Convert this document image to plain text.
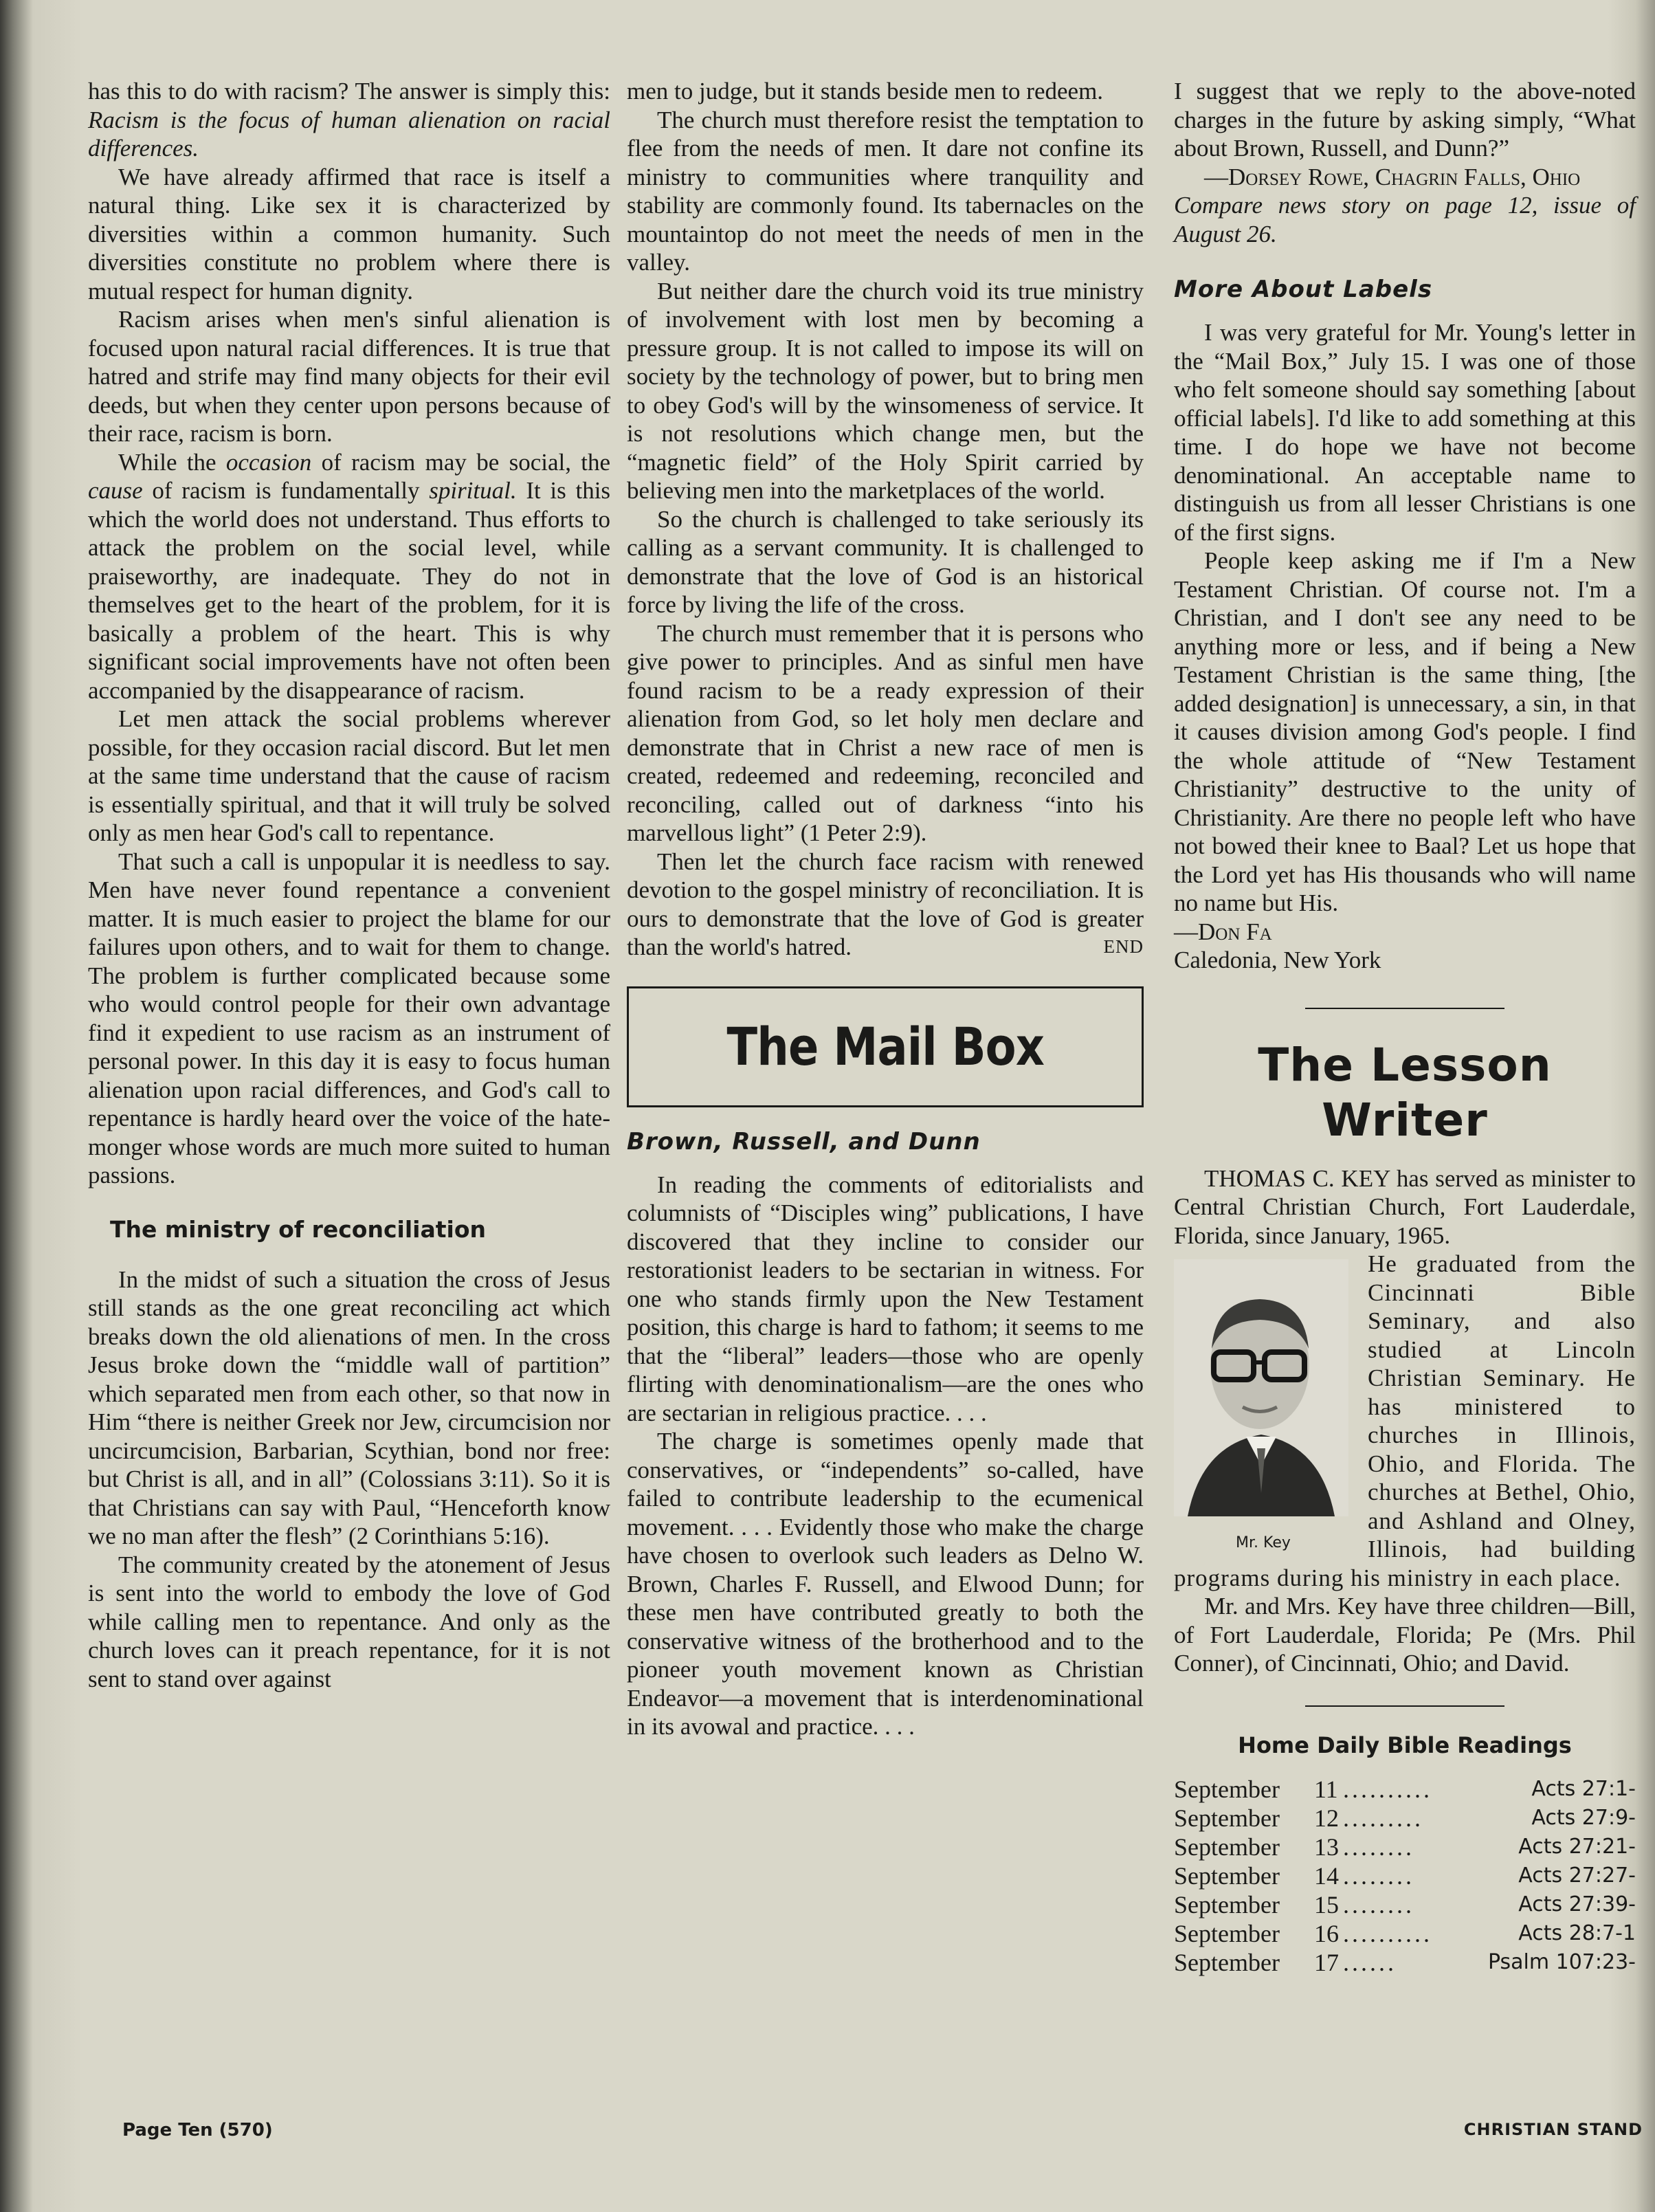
has this to do with racism? The answer is simply this: Racism is the focus of human alienation on racial differences.

We have already affirmed that race is itself a natural thing. Like sex it is characterized by diversities within a common humanity. Such diversities constitute no problem where there is mutual respect for human dignity.

Racism arises when men's sinful alienation is focused upon natural racial differences. It is true that hatred and strife may find many objects for their evil deeds, but when they center upon persons because of their race, racism is born.

While the occasion of racism may be social, the cause of racism is fundamentally spiritual. It is this which the world does not understand. Thus efforts to attack the problem on the social level, while praiseworthy, are inadequate. They do not in themselves get to the heart of the problem, for it is basically a problem of the heart. This is why significant social improvements have not often been accompanied by the disappearance of racism.

Let men attack the social problems wherever possible, for they occasion racial discord. But let men at the same time understand that the cause of racism is essentially spiritual, and that it will truly be solved only as men hear God's call to repentance.

That such a call is unpopular it is needless to say. Men have never found repentance a convenient matter. It is much easier to project the blame for our failures upon others, and to wait for them to change. The problem is further complicated because some who would control people for their own advantage find it expedient to use racism as an instrument of personal power. In this day it is easy to focus human alienation upon racial differences, and God's call to repentance is hardly heard over the voice of the hate-monger whose words are much more suited to human passions.

The ministry of reconciliation

In the midst of such a situation the cross of Jesus still stands as the one great reconciling act which breaks down the old alienations of men. In the cross Jesus broke down the “middle wall of partition” which separated men from each other, so that now in Him “there is neither Greek nor Jew, circumcision nor uncircumcision, Barbarian, Scythian, bond nor free: but Christ is all, and in all” (Colossians 3:11). So it is that Christians can say with Paul, “Henceforth know we no man after the flesh” (2 Corinthians 5:16).

The community created by the atonement of Jesus is sent into the world to embody the love of God while calling men to repentance. And only as the church loves can it preach repentance, for it is not sent to stand over against

men to judge, but it stands beside men to redeem.

The church must therefore resist the temptation to flee from the needs of men. It dare not confine its ministry to communities where tranquility and stability are commonly found. Its tabernacles on the mountaintop do not meet the needs of men in the valley.

But neither dare the church void its true ministry of involvement with lost men by becoming a pressure group. It is not called to impose its will on society by the technology of power, but to bring men to obey God's will by the winsomeness of service. It is not resolutions which change men, but the “magnetic field” of the Holy Spirit carried by believing men into the marketplaces of the world.

So the church is challenged to take seriously its calling as a servant community. It is challenged to demonstrate that the love of God is an historical force by living the life of the cross.

The church must remember that it is persons who give power to principles. And as sinful men have found racism to be a ready expression of their alienation from God, so let holy men declare and demonstrate that in Christ a new race of men is created, redeemed and redeeming, reconciled and reconciling, called out of darkness “into his marvellous light” (1 Peter 2:9).

Then let the church face racism with renewed devotion to the gospel ministry of reconciliation. It is ours to demonstrate that the love of God is greater than the world's hatred.	END

The Mail Box
Brown, Russell, and Dunn

In reading the comments of editorialists and columnists of “Disciples wing” publications, I have discovered that they incline to consider our restorationist leaders to be sectarian in witness. For one who stands firmly upon the New Testament position, this charge is hard to fathom; it seems to me that the “liberal” leaders—those who are openly flirting with denominationalism—are the ones who are sectarian in religious practice. . . .

The charge is sometimes openly made that conservatives, or “independents” so-called, have failed to contribute leadership to the ecumenical movement. . . . Evidently those who make the charge have chosen to overlook such leaders as Delno W. Brown, Charles F. Russell, and Elwood Dunn; for these men have contributed greatly to both the conservative witness of the brotherhood and to the pioneer youth movement known as Christian Endeavor—a movement that is interdenominational in its avowal and practice. . . .

I suggest that we reply to the above-noted charges in the future by asking simply, “What about Brown, Russell, and Dunn?”

—Dorsey Rowe, Chagrin Falls, Ohio

Compare news story on page 12, issue of August 26.

More About Labels

I was very grateful for Mr. Young's letter in the “Mail Box,” July 15. I was one of those who felt someone should say something [about official labels]. I'd like to add something at this time. I do hope we have not become denominational. An acceptable name to distinguish us from all lesser Christians is one of the first signs.

People keep asking me if I'm a New Testament Christian. Of course not. I'm a Christian, and I don't see any need to be anything more or less, and if being a New Testament Christian is the same thing, [the added designation] is unnecessary, a sin, in that it causes division among God's people. I find the whole attitude of “New Testament Christianity” destructive to the unity of Christianity. Are there no people left who have not bowed their knee to Baal? Let us hope that the Lord yet has His thousands who will name no name but His.

—Don Fa

Caledonia, New York

The Lesson Writer

THOMAS C. KEY has served as minister to Central Christian Church, Fort Lauderdale, Florida, since January, 1965.

Mr. Key

He graduated from the Cincinnati Bible Seminary, and also studied at Lincoln Christian Seminary. He has ministered to churches in Illinois, Ohio, and Florida. The churches at Bethel, Ohio, and Ashland and Olney, Illinois, had building programs during his ministry in each place.

Mr. and Mrs. Key have three children—Bill, of Fort Lauderdale, Florida; Pe (Mrs. Phil Conner), of Cincinnati, Ohio; and David.

Home Daily Bible Readings
September	11 ..........	Acts 27:1-
September	12 .........	Acts 27:9-
September	13 ........	Acts 27:21-
September	14 ........	Acts 27:27-
September	15 ........	Acts 27:39-
September	16 ..........	Acts 28:7-1
September	17 ......	Psalm 107:23-
Page Ten (570)	CHRISTIAN STAND
